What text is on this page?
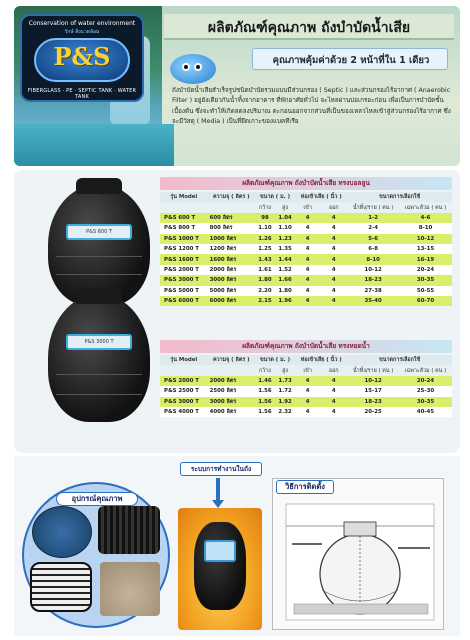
Conservation of water environment
รักษ์ สิ่งแวดล้อม
P&S
FIBERGLASS · PE · SEPTIC TANK · WATER TANK
ผลิตภัณฑ์คุณภาพ ถังบำบัดน้ำเสีย
คุณภาพคุ้มค่าด้วย 2 หน้าที่ใน 1 เดียว
ถังบำบัดน้ำเสียสำเร็จรูปชนิดบำบัดรวมแบบมีส่วนกรอง ( Septic ) และส่วนกรองไร้อากาศ ( Anaerobic Filter ) อยู่ยังเดียวกันน้ำทิ้งจากอาคาร ที่พักอาศัยทั่วไป จะไหลผ่านบ่อเกรอะก่อน เพื่อเป็นการบำบัดขั้นเบื้องต้น ซึ่งจะทำให้เกิดลดลงปริมาณ ตะกอนออกจากส่วนที่เป็นของเหลวไหลเข้าสู่ส่วนกรองไร้อากาศ ซึ่งจะมีวัสดุ ( Media ) เป็นที่ยึดเกาะของแบคทีเรีย
P&S 600 T
P&S 3000 T
ผลิตภัณฑ์คุณภาพ ถังบำบัดน้ำเสีย ทรงบอลลูน
รุ่น Model	ความจุ ( ลิตร )	ขนาด ( ม. )		ท่อเข้าเสีย ( นิ้ว )		ขนาดการเลือกใช้	
		กว้าง	สูง	เข้า	ออก	น้ำทิ้ง/ราย ( คน )	เฉพาะส้วม ( คน )
P&S 600 T	600 ลิตร	98	1.04	4	4	1-2	4-6
P&S 800 T	800 ลิตร	1.10	1.10	4	4	2-4	8-10
P&S 1000 T	1000 ลิตร	1.26	1.23	4	4	5-6	10-12
P&S 1200 T	1200 ลิตร	1.25	1.35	4	4	6-8	13-15
P&S 1600 T	1600 ลิตร	1.43	1.44	4	4	8-10	16-19
P&S 2000 T	2000 ลิตร	1.61	1.52	4	4	10-12	20-24
P&S 3000 T	3000 ลิตร	1.80	1.66	4	4	18-23	30-35
P&S 5000 T	5000 ลิตร	2.20	1.80	4	4	27-38	50-55
P&S 6000 T	6000 ลิตร	2.15	1.96	4	4	35-40	60-70
ผลิตภัณฑ์คุณภาพ ถังบำบัดน้ำเสีย ทรงหยดน้ำ
รุ่น Model	ความจุ ( ลิตร )	ขนาด ( ม. )		ท่อเข้าเสีย ( นิ้ว )		ขนาดการเลือกใช้	
		กว้าง	สูง	เข้า	ออก	น้ำทิ้ง/ราย ( คน )	เฉพาะส้วม ( คน )
P&S 2000 T	2000 ลิตร	1.46	1.73	4	4	10-12	20-24
P&S 2500 T	2500 ลิตร	1.56	1.72	4	4	15-17	25-30
P&S 3000 T	3000 ลิตร	1.56	1.92	4	4	18-23	30-35
P&S 4000 T	4000 ลิตร	1.56	2.32	4	4	20-25	40-45
อุปกรณ์คุณภาพ
ระบบการทำงานในถัง
วิธีการติดตั้ง
